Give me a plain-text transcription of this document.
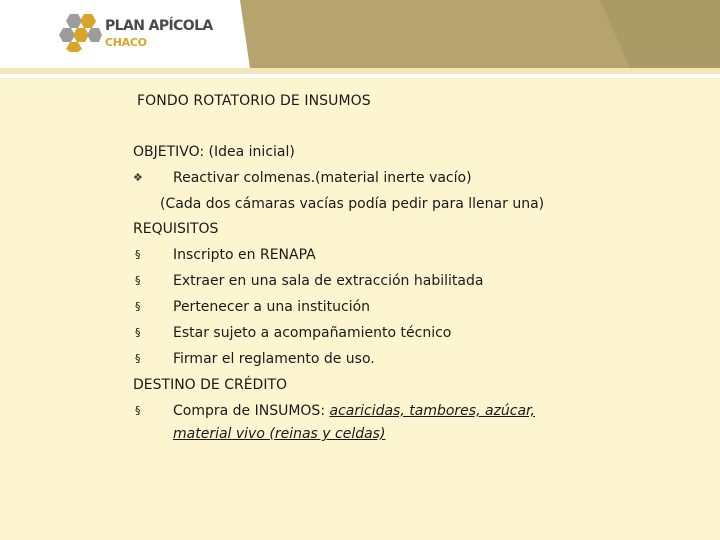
PLAN APÍCOLA
CHACO
FONDO ROTATORIO DE INSUMOS
OBJETIVO: (Idea inicial)
❖ Reactivar colmenas.(material inerte vacío)
(Cada dos cámaras vacías podía pedir para llenar una)
REQUISITOS
§ Inscripto en RENAPA
§ Extraer en una sala de extracción habilitada
§ Pertenecer a una institución
§ Estar sujeto a acompañamiento técnico
§ Firmar el reglamento de uso.
DESTINO DE CRÉDITO
§ Compra de INSUMOS: acaricidas, tambores, azúcar,
material vivo (reinas y celdas)
